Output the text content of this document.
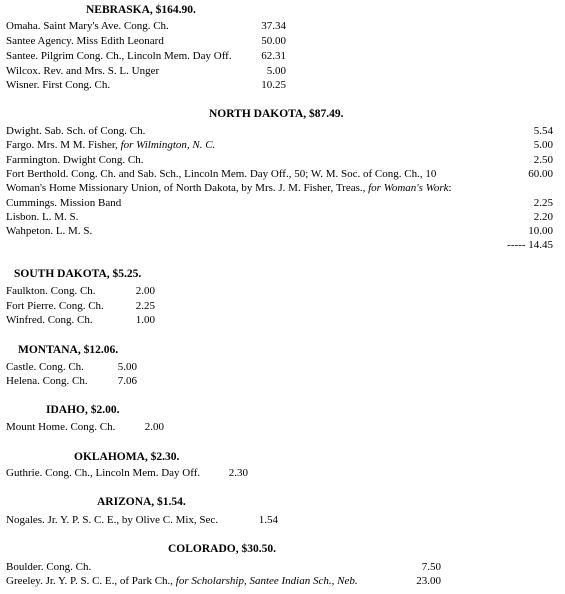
NEBRASKA, $164.90.
Omaha. Saint Mary's Ave. Cong. Ch.	37.34
Santee Agency. Miss Edith Leonard	50.00
Santee. Pilgrim Cong. Ch., Lincoln Mem. Day Off.	62.31
Wilcox. Rev. and Mrs. S. L. Unger	5.00
Wisner. First Cong. Ch.	10.25
NORTH DAKOTA, $87.49.
Dwight. Sab. Sch. of Cong. Ch.	5.54
Fargo. Mrs. M M. Fisher, for Wilmington, N. C.	5.00
Farmington. Dwight Cong. Ch.	2.50
Fort Berthold. Cong. Ch. and Sab. Sch., Lincoln Mem. Day Off., 50; W. M. Soc. of Cong. Ch., 10	60.00
Woman's Home Missionary Union, of North Dakota, by Mrs. J. M. Fisher, Treas., for Woman's Work:
Cummings. Mission Band	2.25
Lisbon. L. M. S.	2.20
Wahpeton. L. M. S.	10.00
----- 14.45
SOUTH DAKOTA, $5.25.
Faulkton. Cong. Ch.	2.00
Fort Pierre. Cong. Ch.	2.25
Winfred. Cong. Ch.	1.00
MONTANA, $12.06.
Castle. Cong. Ch.	5.00
Helena. Cong. Ch.	7.06
IDAHO, $2.00.
Mount Home. Cong. Ch.	2.00
OKLAHOMA, $2.30.
Guthrie. Cong. Ch., Lincoln Mem. Day Off.	2.30
ARIZONA, $1.54.
Nogales. Jr. Y. P. S. C. E., by Olive C. Mix, Sec.	1.54
COLORADO, $30.50.
Boulder. Cong. Ch.	7.50
Greeley. Jr. Y. P. S. C. E., of Park Ch., for Scholarship, Santee Indian Sch., Neb.	23.00
